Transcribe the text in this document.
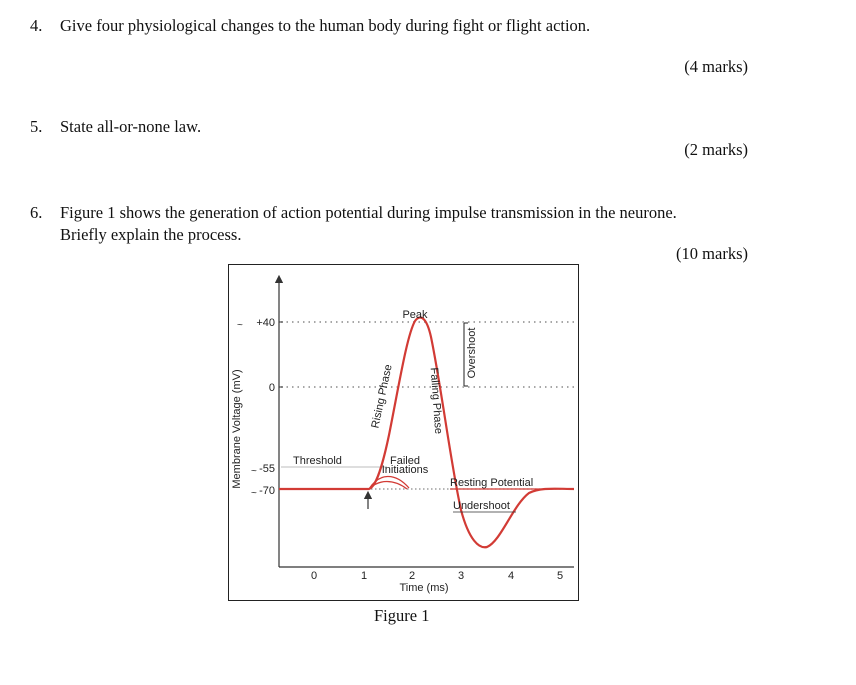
4. Give four physiological changes to the human body during fight or flight action.
(4 marks)
5. State all-or-none law.
(2 marks)
6. Figure 1 shows the generation of action potential during impulse transmission in the neurone.
Briefly explain the process.
(10 marks)
Membrane Voltage (mV)
+40
0
-55
-70
~
~
~
0	1	2	3	4	5
Time (ms)
Peak
Rising Phase	Falling Phase
Overshoot
Threshold	Failed
Initiations
Resting Potential
Undershoot
Figure 1
